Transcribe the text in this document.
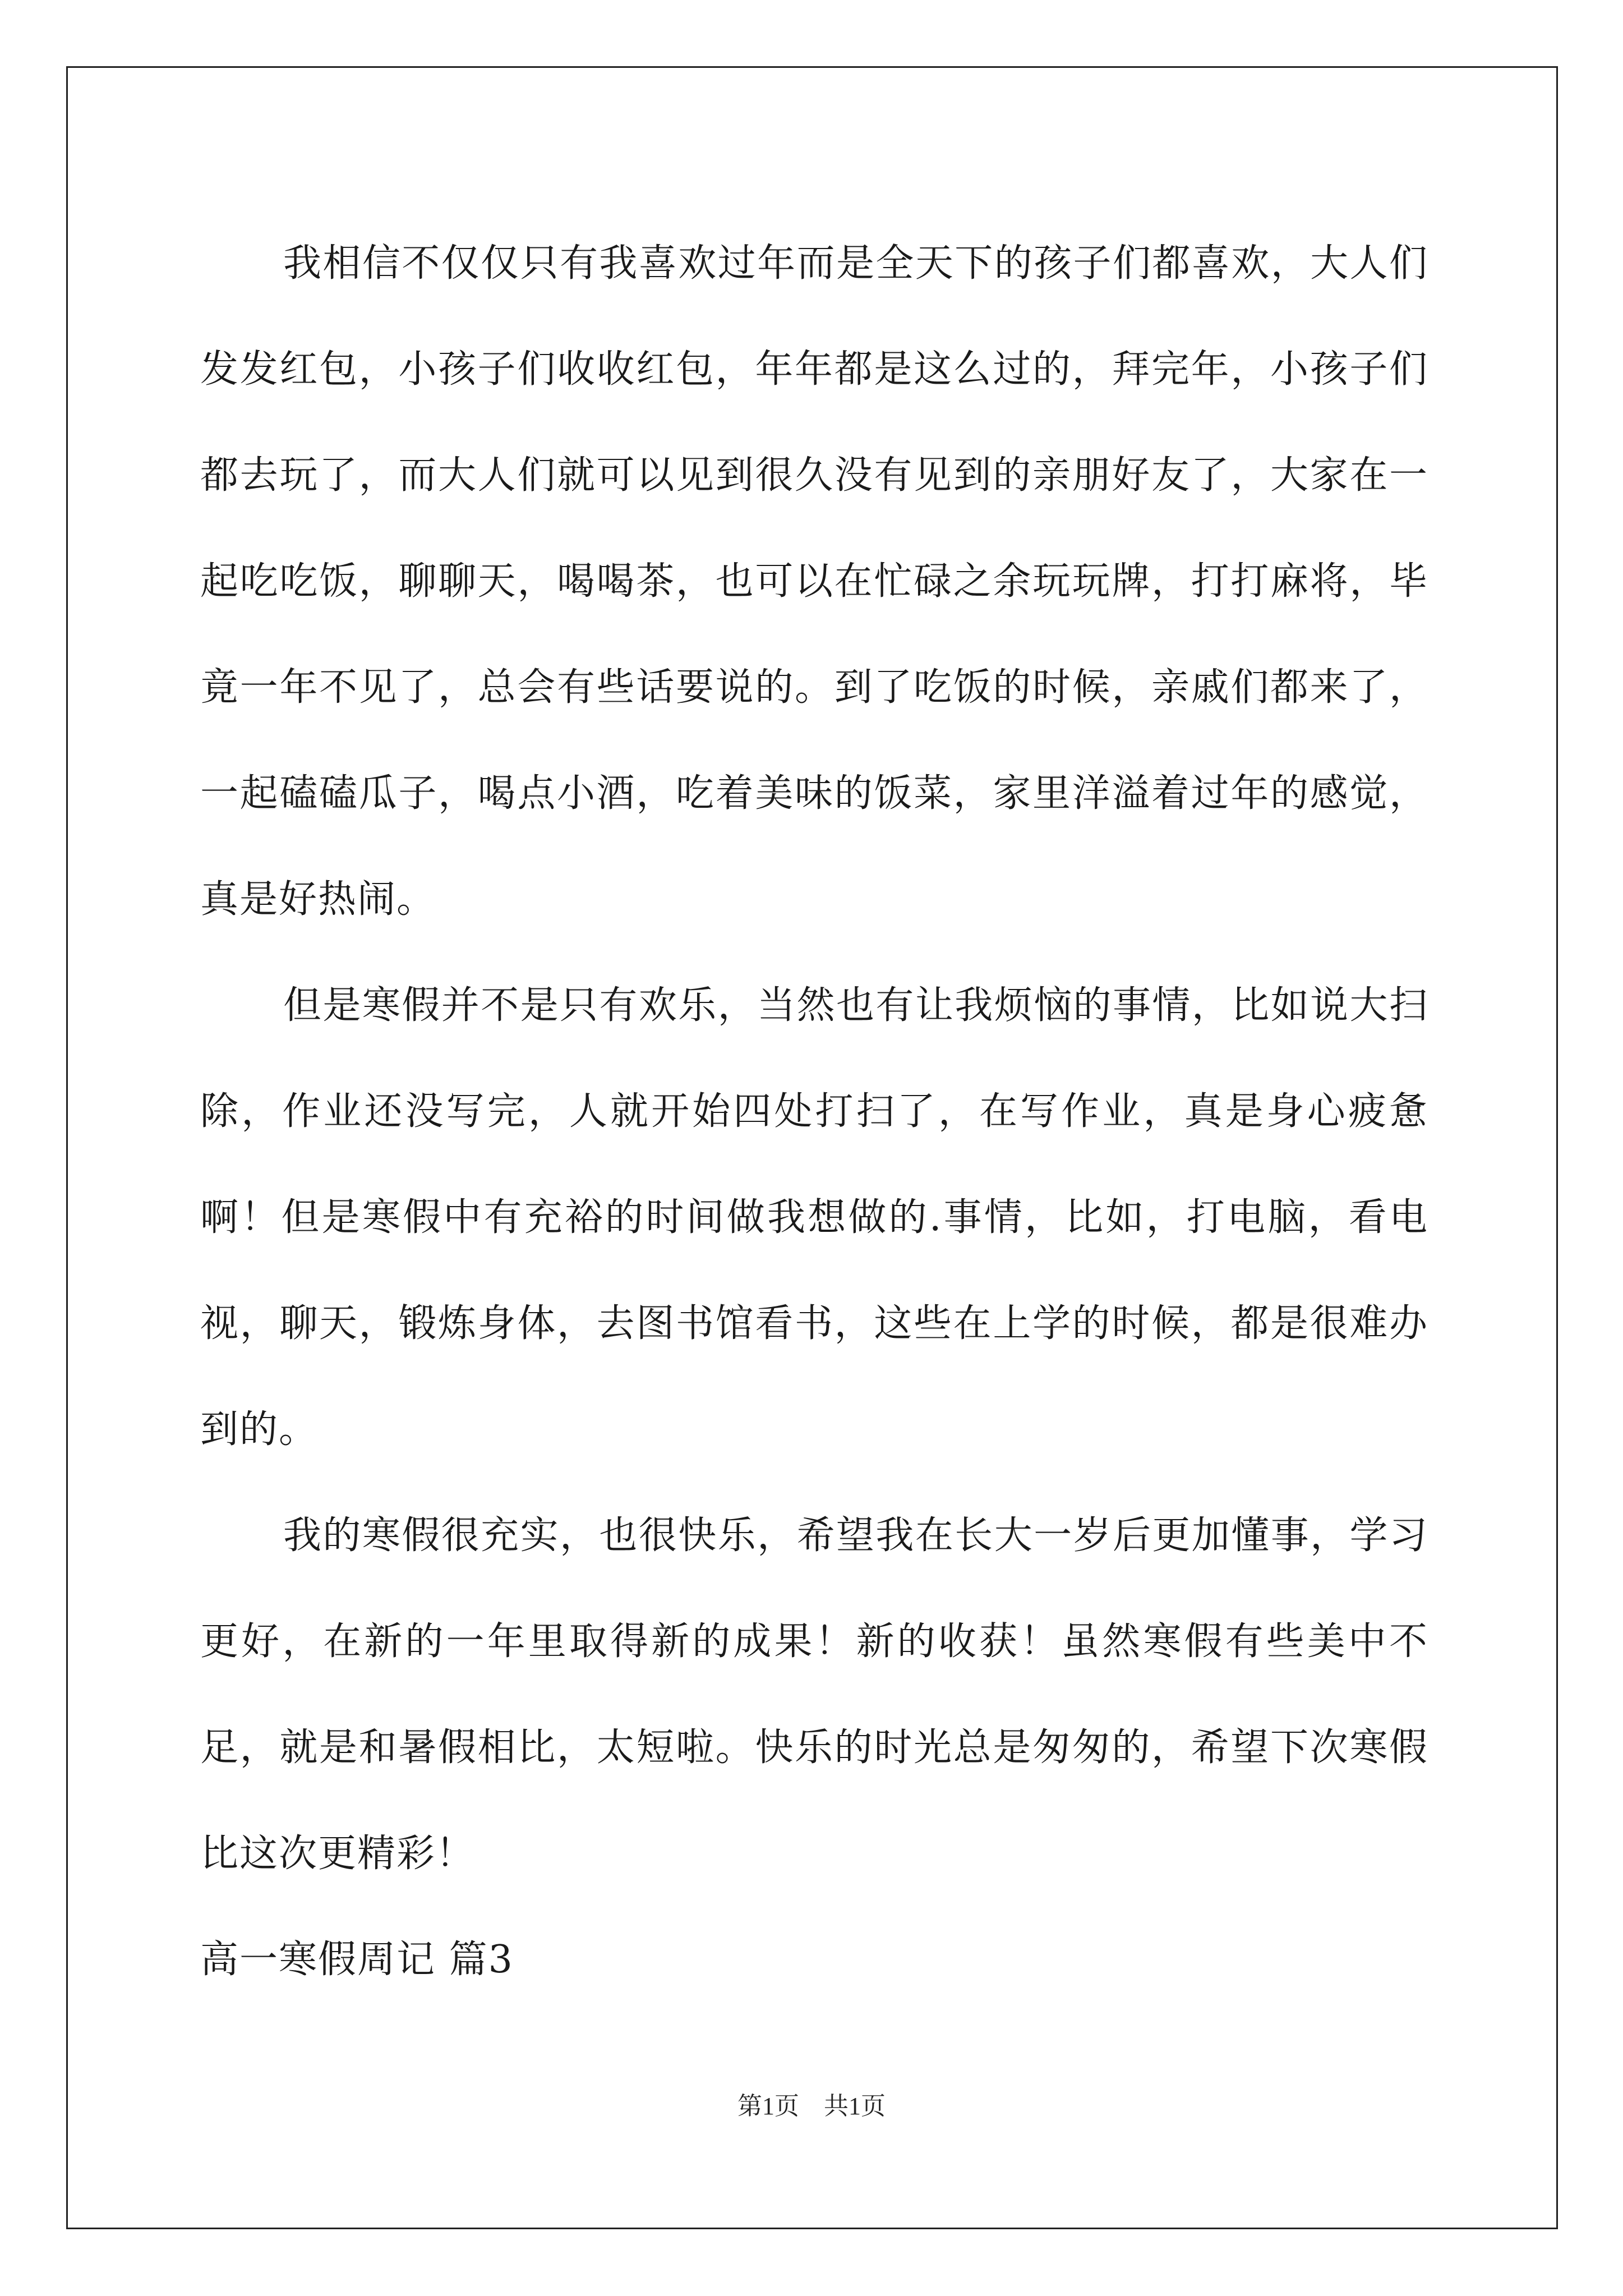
我相信不仅仅只有我喜欢过年而是全天下的孩子们都喜欢，大人们发发红包，小孩子们收收红包，年年都是这么过的，拜完年，小孩子们都去玩了，而大人们就可以见到很久没有见到的亲朋好友了，大家在一起吃吃饭，聊聊天，喝喝茶，也可以在忙碌之余玩玩牌，打打麻将，毕竟一年不见了，总会有些话要说的。到了吃饭的时候，亲戚们都来了，一起磕磕瓜子，喝点小酒，吃着美味的饭菜，家里洋溢着过年的感觉，真是好热闹。

但是寒假并不是只有欢乐，当然也有让我烦恼的事情，比如说大扫除，作业还没写完，人就开始四处打扫了，在写作业，真是身心疲惫啊！但是寒假中有充裕的时间做我想做的.事情，比如，打电脑，看电视，聊天，锻炼身体，去图书馆看书，这些在上学的时候，都是很难办到的。

我的寒假很充实，也很快乐，希望我在长大一岁后更加懂事，学习更好，在新的一年里取得新的成果！新的收获！虽然寒假有些美中不足，就是和暑假相比，太短啦。快乐的时光总是匆匆的，希望下次寒假比这次更精彩！

高一寒假周记 篇3

第1页　共1页
